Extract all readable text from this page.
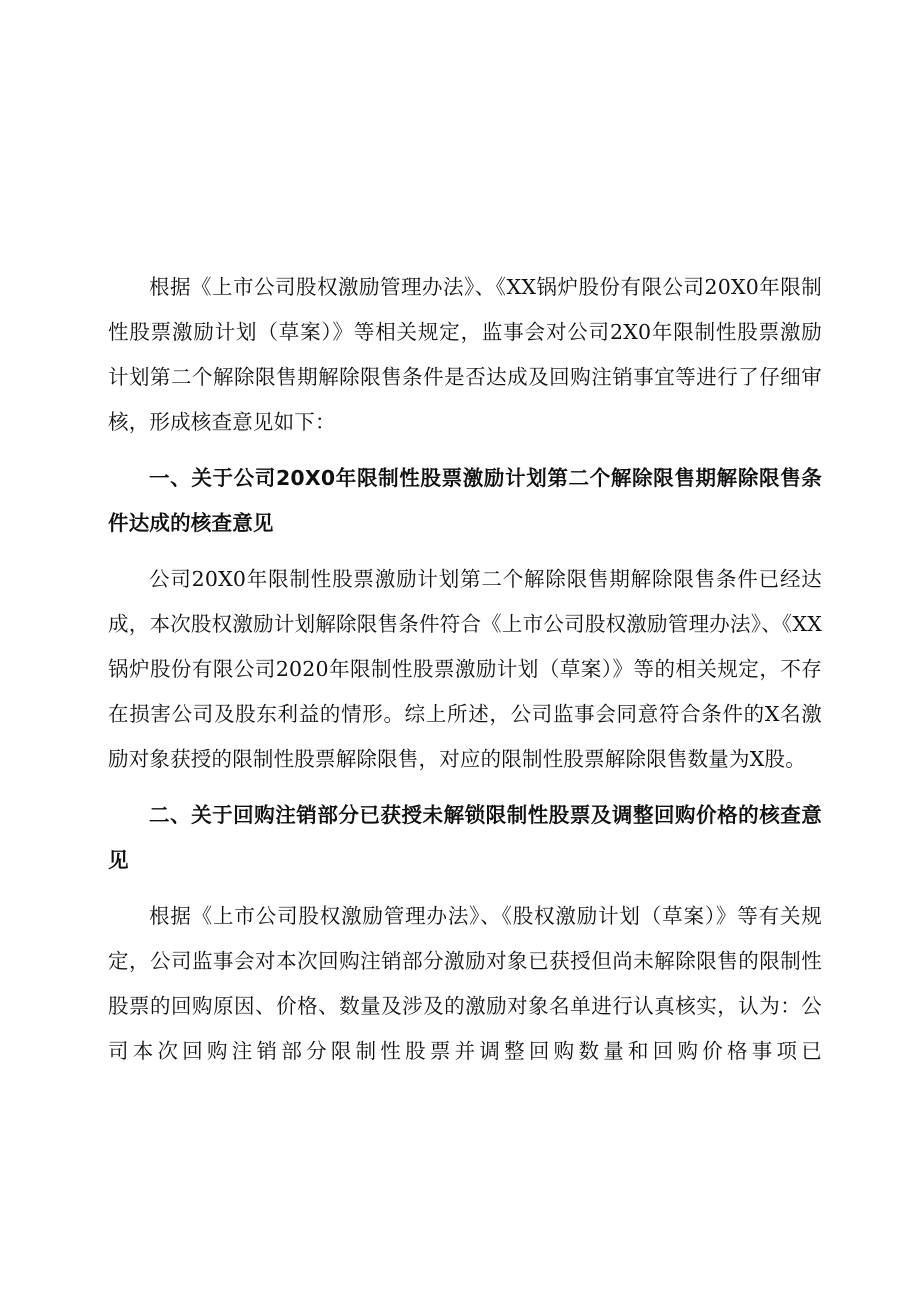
根据《上市公司股权激励管理办法》、《XX锅炉股份有限公司20X0年限制性股票激励计划（草案）》等相关规定，监事会对公司2X0年限制性股票激励计划第二个解除限售期解除限售条件是否达成及回购注销事宜等进行了仔细审核，形成核查意见如下：

一、关于公司20X0年限制性股票激励计划第二个解除限售期解除限售条件达成的核查意见

公司20X0年限制性股票激励计划第二个解除限售期解除限售条件已经达成，本次股权激励计划解除限售条件符合《上市公司股权激励管理办法》、《XX锅炉股份有限公司2020年限制性股票激励计划（草案）》等的相关规定，不存在损害公司及股东利益的情形。综上所述，公司监事会同意符合条件的X名激励对象获授的限制性股票解除限售，对应的限制性股票解除限售数量为X股。

二、关于回购注销部分已获授未解锁限制性股票及调整回购价格的核查意见

根据《上市公司股权激励管理办法》、《股权激励计划（草案）》等有关规定，公司监事会对本次回购注销部分激励对象已获授但尚未解除限售的限制性股票的回购原因、价格、数量及涉及的激励对象名单进行认真核实，认为：公司本次回购注销部分限制性股票并调整回购数量和回购价格事项已
